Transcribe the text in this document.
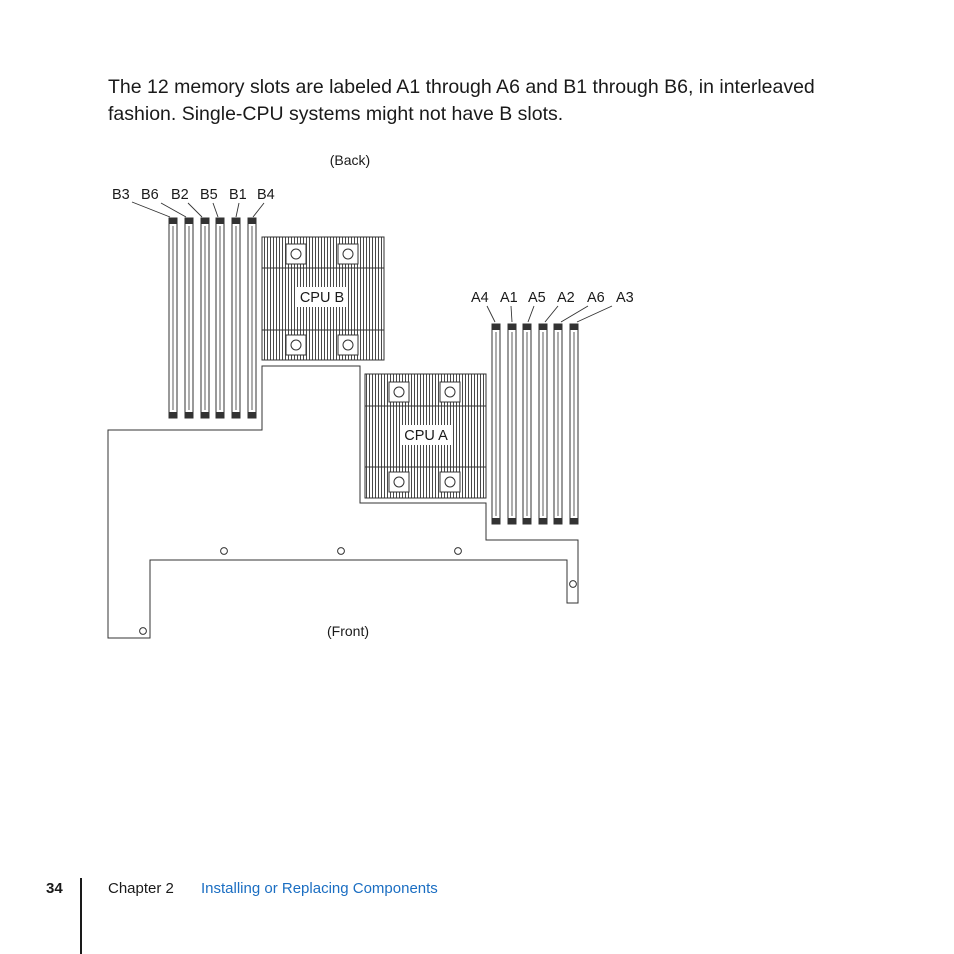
The 12 memory slots are labeled A1 through A6 and B1 through B6, in interleaved
fashion. Single-CPU systems might not have B slots.

(Back)
(Front)
CPU B
CPU A
B3 B6 B2 B5 B1 B4
A4 A1 A5 A2 A6 A3
34	Chapter 2 Installing or Replacing Components
